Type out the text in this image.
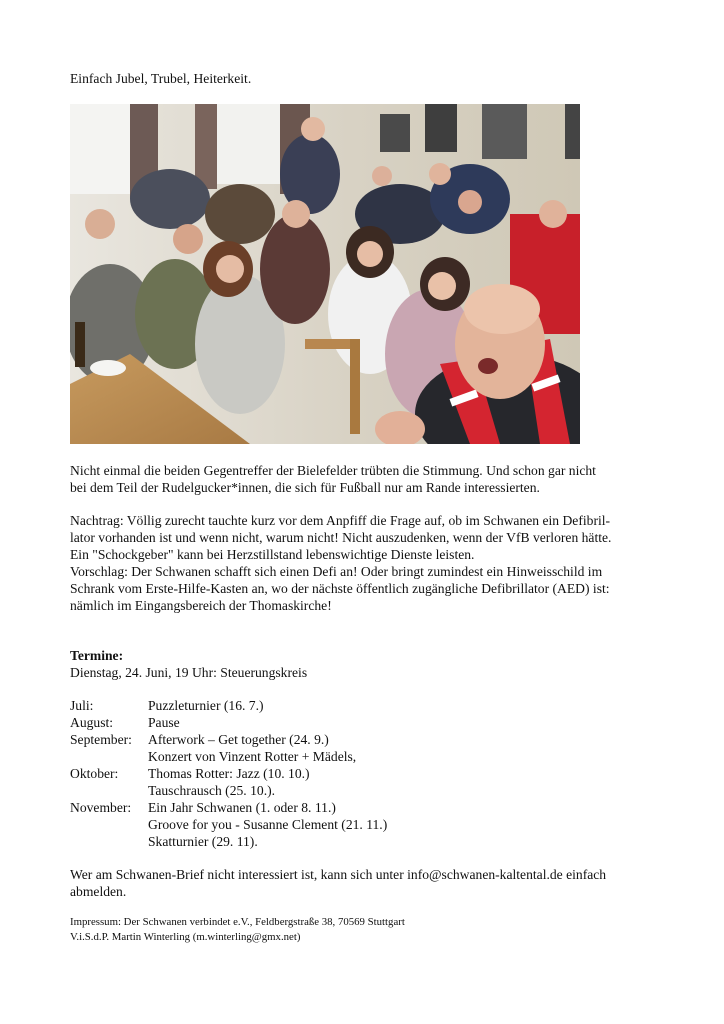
Einfach Jubel, Trubel, Heiterkeit.
Nicht einmal die beiden Gegentreffer der Bielefelder trübten die Stimmung. Und schon gar nicht
bei dem Teil der Rudelgucker*innen, die sich für Fußball nur am Rande interessierten.
Nachtrag: Völlig zurecht tauchte kurz vor dem Anpfiff die Frage auf, ob im Schwanen ein Defibril-
lator vorhanden ist und wenn nicht, warum nicht! Nicht auszudenken, wenn der VfB verloren hätte.
Ein "Schockgeber" kann bei Herzstillstand lebenswichtige Dienste leisten.
Vorschlag: Der Schwanen schafft sich einen Defi an! Oder bringt zumindest ein Hinweisschild im
Schrank vom Erste-Hilfe-Kasten an, wo der nächste öffentlich zugängliche Defibrillator (AED) ist:
nämlich im Eingangsbereich der Thomaskirche!
Termine:
Dienstag, 24. Juni, 19 Uhr: Steuerungskreis
Juli:	Puzzleturnier (16. 7.)
August:	Pause
September: Afterwork – Get together (24. 9.)
Konzert von Vinzent Rotter + Mädels,
Oktober: Thomas Rotter: Jazz (10. 10.)
Tauschrausch (25. 10.).
November: Ein Jahr Schwanen (1. oder 8. 11.)
Groove for you - Susanne Clement (21. 11.)
Skatturnier (29. 11).
Wer am Schwanen-Brief nicht interessiert ist, kann sich unter info@schwanen-kaltental.de einfach
abmelden.
Impressum: Der Schwanen verbindet e.V., Feldbergstraße 38, 70569 Stuttgart
V.i.S.d.P. Martin Winterling (m.winterling@gmx.net)
